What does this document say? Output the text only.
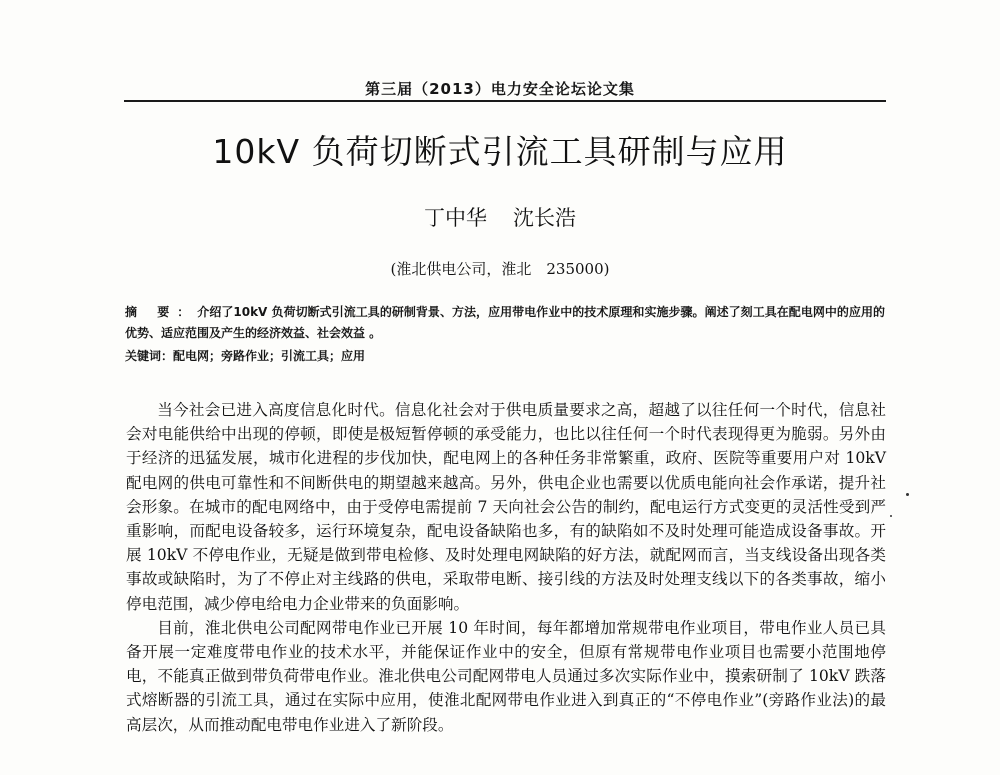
第三届（2013）电力安全论坛论文集
10kV 负荷切断式引流工具研制与应用
丁中华 沈长浩
(淮北供电公司，淮北　235000)
摘 要：介绍了10kV 负荷切断式引流工具的研制背景、方法，应用带电作业中的技术原理和实施步骤。阐述了刻工具在配电网中的应用的优势、适应范围及产生的经济效益、社会效益 。
关键词：配电网；旁路作业；引流工具；应用

当今社会已进入高度信息化时代。信息化社会对于供电质量要求之高，超越了以往任何一个时代，信息社会对电能供给中出现的停顿，即使是极短暂停顿的承受能力，也比以往任何一个时代表现得更为脆弱。另外由于经济的迅猛发展，城市化进程的步伐加快，配电网上的各种任务非常繁重，政府、医院等重要用户对 10kV 配电网的供电可靠性和不间断供电的期望越来越高。另外，供电企业也需要以优质电能向社会作承诺，提升社会形象。在城市的配电网络中，由于受停电需提前 7 天向社会公告的制约，配电运行方式变更的灵活性受到严重影响，而配电设备较多，运行环境复杂，配电设备缺陷也多，有的缺陷如不及时处理可能造成设备事故。开展 10kV 不停电作业，无疑是做到带电检修、及时处理电网缺陷的好方法，就配网而言，当支线设备出现各类事故或缺陷时，为了不停止对主线路的供电，采取带电断、接引线的方法及时处理支线以下的各类事故，缩小停电范围，减少停电给电力企业带来的负面影响。

目前，淮北供电公司配网带电作业已开展 10 年时间，每年都增加常规带电作业项目，带电作业人员已具备开展一定难度带电作业的技术水平，并能保证作业中的安全，但原有常规带电作业项目也需要小范围地停电，不能真正做到带负荷带电作业。淮北供电公司配网带电人员通过多次实际作业中，摸索研制了 10kV 跌落式熔断器的引流工具，通过在实际中应用，使淮北配网带电作业进入到真正的“不停电作业”(旁路作业法)的最高层次，从而推动配电带电作业进入了新阶段。
